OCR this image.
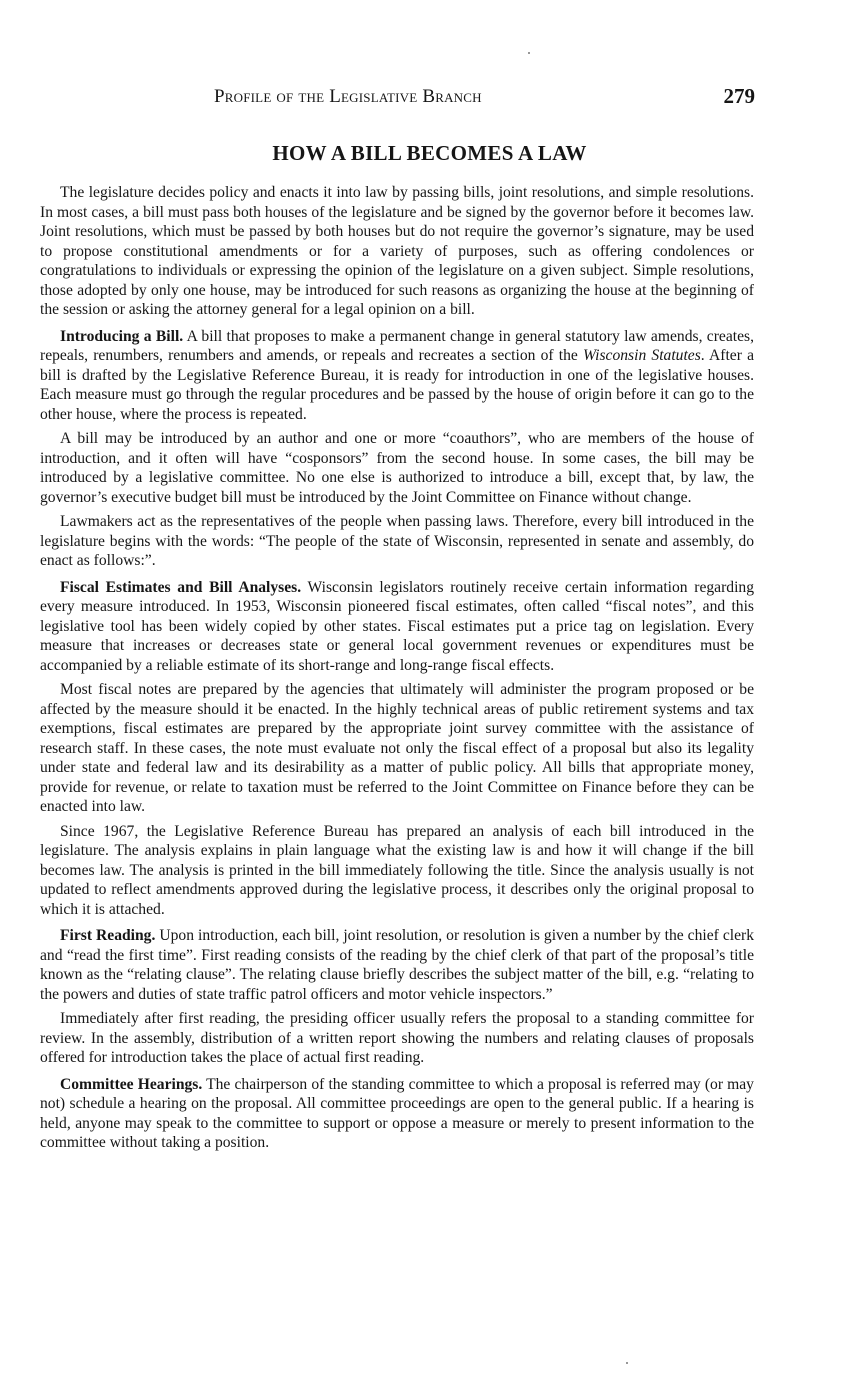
Profile of the Legislative Branch	279
HOW A BILL BECOMES A LAW

The legislature decides policy and enacts it into law by passing bills, joint resolutions, and simple resolutions. In most cases, a bill must pass both houses of the legislature and be signed by the governor before it becomes law. Joint resolutions, which must be passed by both houses but do not require the governor’s signature, may be used to propose constitutional amendments or for a variety of purposes, such as offering condolences or congratulations to individuals or expressing the opinion of the legislature on a given subject. Simple resolutions, those adopted by only one house, may be introduced for such reasons as organizing the house at the beginning of the session or asking the attorney general for a legal opinion on a bill.

Introducing a Bill. A bill that proposes to make a permanent change in general statutory law amends, creates, repeals, renumbers, renumbers and amends, or repeals and recreates a section of the Wisconsin Statutes. After a bill is drafted by the Legislative Reference Bureau, it is ready for introduction in one of the legislative houses. Each measure must go through the regular procedures and be passed by the house of origin before it can go to the other house, where the process is repeated.

A bill may be introduced by an author and one or more “coauthors”, who are members of the house of introduction, and it often will have “cosponsors” from the second house. In some cases, the bill may be introduced by a legislative committee. No one else is authorized to introduce a bill, except that, by law, the governor’s executive budget bill must be introduced by the Joint Committee on Finance without change.

Lawmakers act as the representatives of the people when passing laws. Therefore, every bill introduced in the legislature begins with the words: “The people of the state of Wisconsin, represented in senate and assembly, do enact as follows:”.

Fiscal Estimates and Bill Analyses. Wisconsin legislators routinely receive certain information regarding every measure introduced. In 1953, Wisconsin pioneered fiscal estimates, often called “fiscal notes”, and this legislative tool has been widely copied by other states. Fiscal estimates put a price tag on legislation. Every measure that increases or decreases state or general local government revenues or expenditures must be accompanied by a reliable estimate of its short-range and long-range fiscal effects.

Most fiscal notes are prepared by the agencies that ultimately will administer the program proposed or be affected by the measure should it be enacted. In the highly technical areas of public retirement systems and tax exemptions, fiscal estimates are prepared by the appropriate joint survey committee with the assistance of research staff. In these cases, the note must evaluate not only the fiscal effect of a proposal but also its legality under state and federal law and its desirability as a matter of public policy. All bills that appropriate money, provide for revenue, or relate to taxation must be referred to the Joint Committee on Finance before they can be enacted into law.

Since 1967, the Legislative Reference Bureau has prepared an analysis of each bill introduced in the legislature. The analysis explains in plain language what the existing law is and how it will change if the bill becomes law. The analysis is printed in the bill immediately following the title. Since the analysis usually is not updated to reflect amendments approved during the legislative process, it describes only the original proposal to which it is attached.

First Reading. Upon introduction, each bill, joint resolution, or resolution is given a number by the chief clerk and “read the first time”. First reading consists of the reading by the chief clerk of that part of the proposal’s title known as the “relating clause”. The relating clause briefly describes the subject matter of the bill, e.g. “relating to the powers and duties of state traffic patrol officers and motor vehicle inspectors.”

Immediately after first reading, the presiding officer usually refers the proposal to a standing committee for review. In the assembly, distribution of a written report showing the numbers and relating clauses of proposals offered for introduction takes the place of actual first reading.

Committee Hearings. The chairperson of the standing committee to which a proposal is referred may (or may not) schedule a hearing on the proposal. All committee proceedings are open to the general public. If a hearing is held, anyone may speak to the committee to support or oppose a measure or merely to present information to the committee without taking a position.
